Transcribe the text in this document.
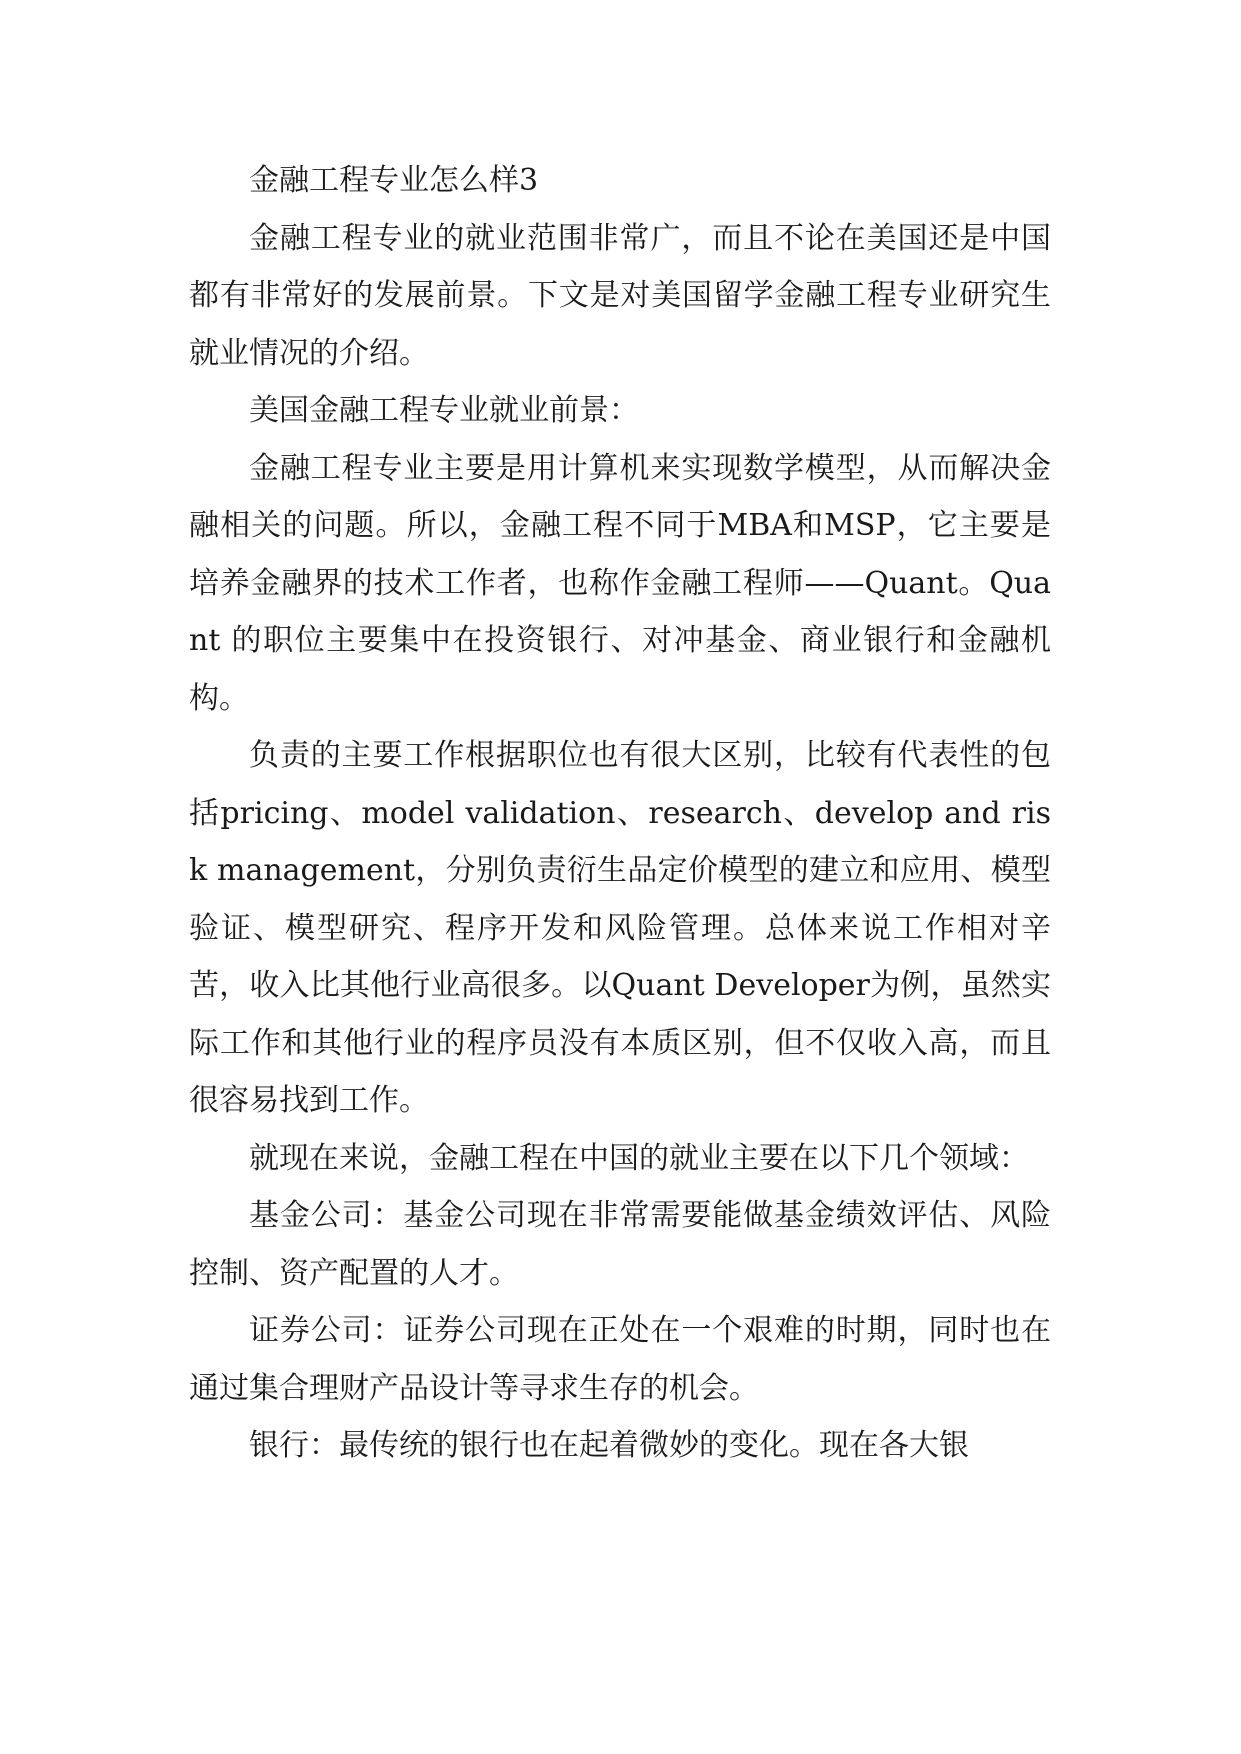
金融工程专业怎么样3

金融工程专业的就业范围非常广，而且不论在美国还是中国都有非常好的发展前景。下文是对美国留学金融工程专业研究生就业情况的介绍。

美国金融工程专业就业前景：

金融工程专业主要是用计算机来实现数学模型，从而解决金融相关的问题。所以，金融工程不同于MBA和MSP，它主要是培养金融界的技术工作者，也称作金融工程师——Quant。Quant 的职位主要集中在投资银行、对冲基金、商业银行和金融机构。

负责的主要工作根据职位也有很大区别，比较有代表性的包括pricing、model validation、research、develop and risk management，分别负责衍生品定价模型的建立和应用、模型验证、模型研究、程序开发和风险管理。总体来说工作相对辛苦，收入比其他行业高很多。以Quant Developer为例，虽然实际工作和其他行业的程序员没有本质区别，但不仅收入高，而且很容易找到工作。

就现在来说，金融工程在中国的就业主要在以下几个领域：

基金公司：基金公司现在非常需要能做基金绩效评估、风险控制、资产配置的人才。

证券公司：证券公司现在正处在一个艰难的时期，同时也在通过集合理财产品设计等寻求生存的机会。

银行：最传统的银行也在起着微妙的变化。现在各大银
